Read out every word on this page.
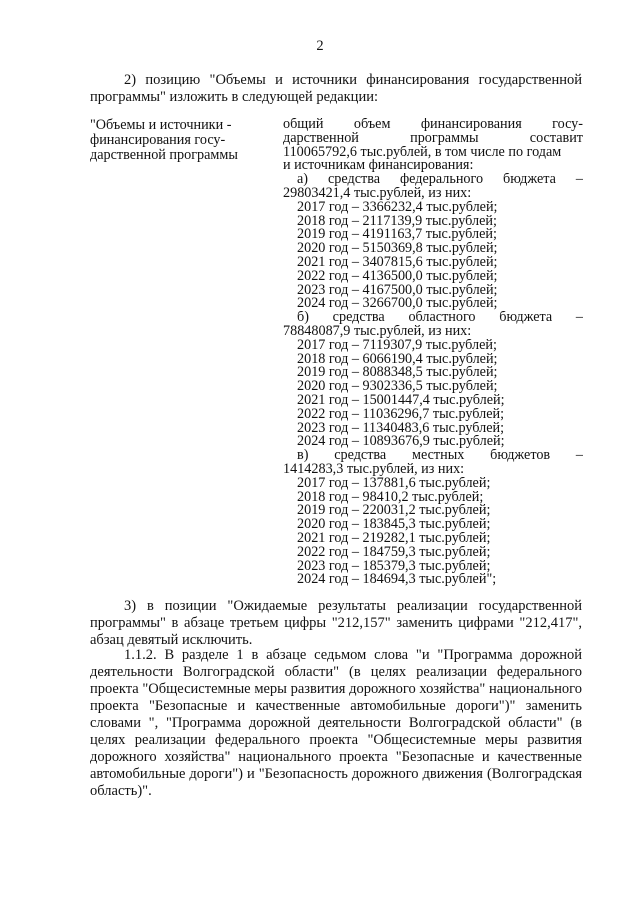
2
2) позицию "Объемы и источники финансирования государственной программы" изложить в следующей редакции:
"Объемы и источники -
финансирования госу-
дарственной программы
общий объем финансирования госу-
дарственной программы составит
110065792,6 тыс.рублей, в том числе по годам
и источникам финансирования:
а) средства федерального бюджета –
29803421,4 тыс.рублей, из них:
2017 год – 3366232,4 тыс.рублей;
2018 год – 2117139,9 тыс.рублей;
2019 год – 4191163,7 тыс.рублей;
2020 год – 5150369,8 тыс.рублей;
2021 год – 3407815,6 тыс.рублей;
2022 год – 4136500,0 тыс.рублей;
2023 год – 4167500,0 тыс.рублей;
2024 год – 3266700,0 тыс.рублей;
б) средства областного бюджета –
78848087,9 тыс.рублей, из них:
2017 год – 7119307,9 тыс.рублей;
2018 год – 6066190,4 тыс.рублей;
2019 год – 8088348,5 тыс.рублей;
2020 год – 9302336,5 тыс.рублей;
2021 год – 15001447,4 тыс.рублей;
2022 год – 11036296,7 тыс.рублей;
2023 год – 11340483,6 тыс.рублей;
2024 год – 10893676,9 тыс.рублей;
в) средства местных бюджетов –
1414283,3 тыс.рублей, из них:
2017 год – 137881,6 тыс.рублей;
2018 год – 98410,2 тыс.рублей;
2019 год – 220031,2 тыс.рублей;
2020 год – 183845,3 тыс.рублей;
2021 год – 219282,1 тыс.рублей;
2022 год – 184759,3 тыс.рублей;
2023 год – 185379,3 тыс.рублей;
2024 год – 184694,3 тыс.рублей";
3) в позиции "Ожидаемые результаты реализации государственной программы" в абзаце третьем цифры "212,157" заменить цифрами "212,417", абзац девятый исключить.
1.1.2. В разделе 1 в абзаце седьмом слова "и "Программа дорожной деятельности Волгоградской области" (в целях реализации федерального проекта "Общесистемные меры развития дорожного хозяйства" национального проекта "Безопасные и качественные автомобильные дороги")" заменить словами ", "Программа дорожной деятельности Волгоградской области" (в целях реализации федерального проекта "Общесистемные меры развития дорожного хозяйства" национального проекта "Безопасные и качественные автомобильные дороги") и "Безопасность дорожного движения (Волгоградская область)".
